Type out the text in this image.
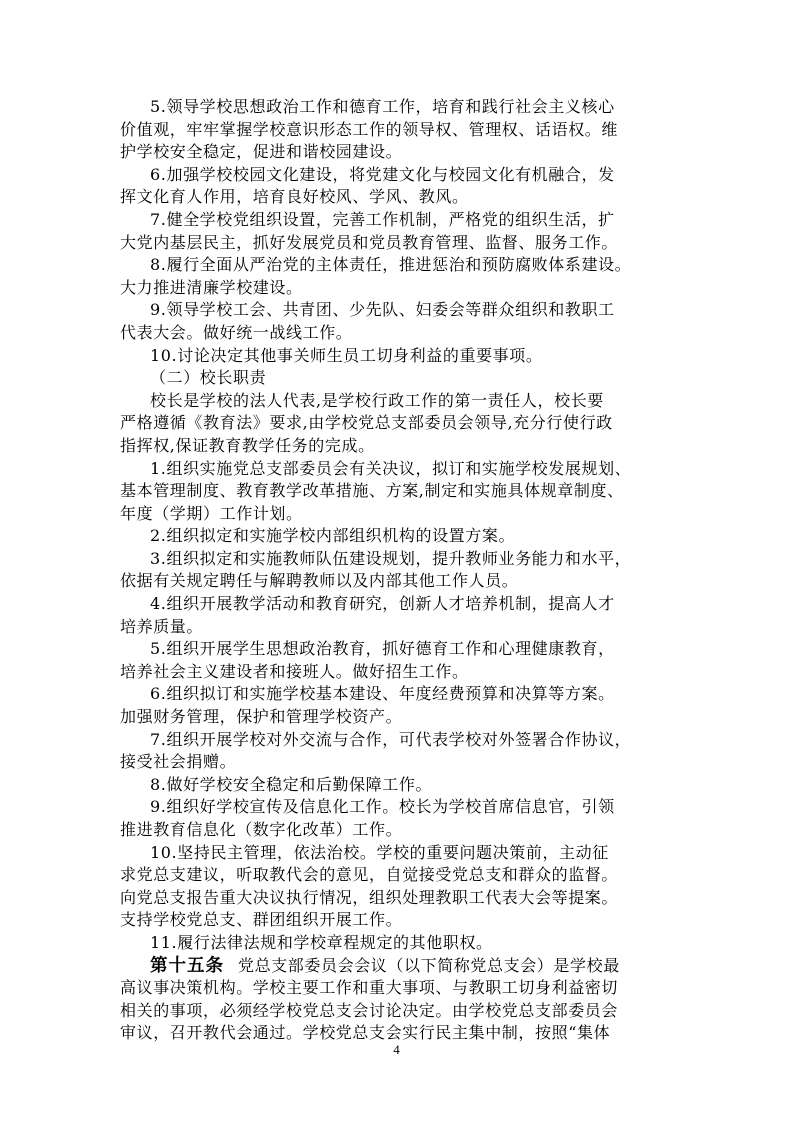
5.领导学校思想政治工作和德育工作，培育和践行社会主义核心
价值观，牢牢掌握学校意识形态工作的领导权、管理权、话语权。维
护学校安全稳定，促进和谐校园建设。
6.加强学校校园文化建设，将党建文化与校园文化有机融合，发
挥文化育人作用，培育良好校风、学风、教风。
7.健全学校党组织设置，完善工作机制，严格党的组织生活，扩
大党内基层民主，抓好发展党员和党员教育管理、监督、服务工作。
8.履行全面从严治党的主体责任，推进惩治和预防腐败体系建设。
大力推进清廉学校建设。
9.领导学校工会、共青团、少先队、妇委会等群众组织和教职工
代表大会。做好统一战线工作。
10.讨论决定其他事关师生员工切身利益的重要事项。
（二）校长职责
校长是学校的法人代表,是学校行政工作的第一责任人，校长要
严格遵循《教育法》要求,由学校党总支部委员会领导,充分行使行政
指挥权,保证教育教学任务的完成。
1.组织实施党总支部委员会有关决议，拟订和实施学校发展规划、
基本管理制度、教育教学改革措施、方案,制定和实施具体规章制度、
年度（学期）工作计划。
2.组织拟定和实施学校内部组织机构的设置方案。
3.组织拟定和实施教师队伍建设规划，提升教师业务能力和水平，
依据有关规定聘任与解聘教师以及内部其他工作人员。
4.组织开展教学活动和教育研究，创新人才培养机制，提高人才
培养质量。
5.组织开展学生思想政治教育，抓好德育工作和心理健康教育，
培养社会主义建设者和接班人。做好招生工作。
6.组织拟订和实施学校基本建设、年度经费预算和决算等方案。
加强财务管理，保护和管理学校资产。
7.组织开展学校对外交流与合作，可代表学校对外签署合作协议，
接受社会捐赠。
8.做好学校安全稳定和后勤保障工作。
9.组织好学校宣传及信息化工作。校长为学校首席信息官，引领
推进教育信息化（数字化改革）工作。
10.坚持民主管理，依法治校。学校的重要问题决策前，主动征
求党总支建议，听取教代会的意见，自觉接受党总支和群众的监督。
向党总支报告重大决议执行情况，组织处理教职工代表大会等提案。
支持学校党总支、群团组织开展工作。
11.履行法律法规和学校章程规定的其他职权。
第十五条 党总支部委员会会议（以下简称党总支会）是学校最
高议事决策机构。学校主要工作和重大事项、与教职工切身利益密切
相关的事项，必须经学校党总支会讨论决定。由学校党总支部委员会
审议，召开教代会通过。学校党总支会实行民主集中制，按照“集体
4
